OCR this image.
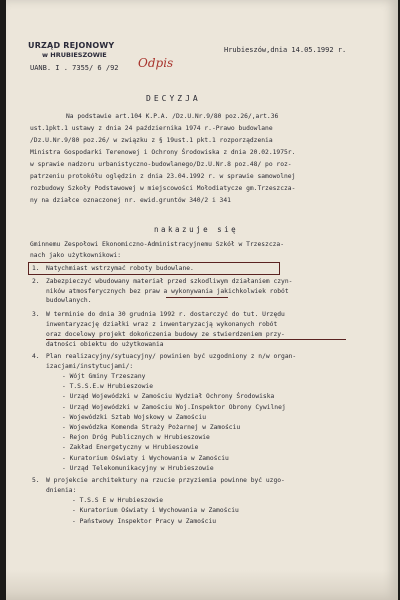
URZĄD REJONOWY
w HRUBIESZOWIE
UANB. I . 7355/ 6 /92 Odpis
Hrubieszów,dnia 14.05.1992 r.
DECYZJA
Na podstawie art.104 K.P.A. /Dz.U.Nr.9/80 poz.26/,art.36
ust.1pkt.1 ustawy z dnia 24 października 1974 r.-Prawo budowlane
/Dz.U.Nr.9/80 poz.26/ w związku z § 19ust.1 pkt.1 rozporządzenia
Ministra Gospodarki Terenowej i Ochrony Środowiska z dnia 20.02.1975r.
w sprawie nadzoru urbanistyczno-budowlanego/Dz.U.Nr.8 poz.48/ po roz-
patrzeniu protokółu oględzin z dnia 23.04.1992 r. w sprawie samowolnej
rozbudowy Szkoły Podstawowej w miejscowości Mołodiatycze gm.Trzeszcza-
ny na działce oznaczonej nr. ewid.gruntów 340/2 i 341
nakazuje się
Gminnemu Zespołowi Ekonomiczno-Administracyjnemu Szkół w Trzeszcza-
nach jako użytkownikowi:
1. Natychmiast wstrzymać roboty budowlane.
2. Zabezpieczyć wbudowany materiał przed szkodliwym działaniem czyn-
ników atmosferycznych bez praw a wykonywania jakichkolwiek robót
budowlanych.
3. W terminie do dnia 30 grudnia 1992 r. dostarczyć do tut. Urzędu
inwentaryzację działki wraz z inwentaryzacją wykonanych robót
oraz docelowy projekt dokończenia budowy ze stwierdzeniem przy-
datności obiektu do użytkowania
4. Plan realizacyjny/sytuacyjny/ powinien być uzgodniony z n/w organ-
izacjami/instytucjami/:
- Wójt Gminy Trzeszany
- T.S.S.E.w Hrubieszowie
- Urząd Wojewódzki w Zamościu Wydział Ochrony Środowiska
- Urząd Wojewódzki w Zamościu Woj.Inspektor Obrony Cywilnej
- Wojewódzki Sztab Wojskowy w Zamościu
- Wojewódzka Komenda Straży Pożarnej w Zamościu
- Rejon Dróg Publicznych w Hrubieszowie
- Zakład Energetyczny w Hrubieszowie
- Kuratorium Oświaty i Wychowania w Zamościu
- Urząd Telekomunikacyjny w Hrubieszowie
5. W projekcie architektury na rzucie przyziemia powinne być uzgo-
dnienia:
- T.S.S E w Hrubieszowie
- Kuratorium Oświaty i Wychowania w Zamościu
- Państwowy Inspektor Pracy w Zamościu
